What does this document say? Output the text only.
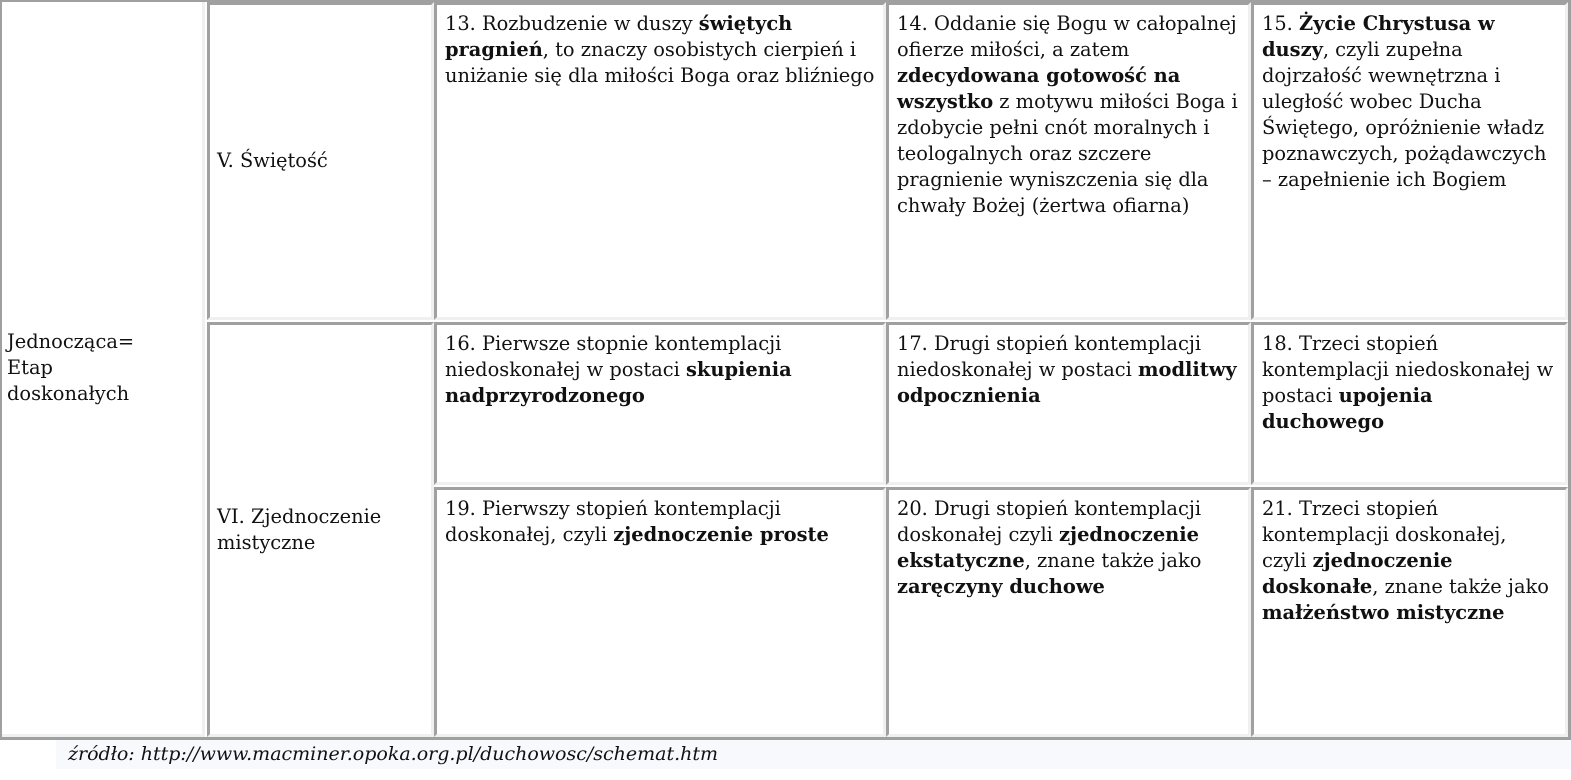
Jednocząca=
Etap
doskonałych
V. Świętość
VI. Zjednoczenie mistyczne
13. Rozbudzenie w duszy świętych pragnień, to znaczy osobistych cierpień i uniżanie się dla miłości Boga oraz bliźniego
14. Oddanie się Bogu w całopalnej ofierze miłości, a zatem zdecydowana gotowość na wszystko z motywu miłości Boga i zdobycie pełni cnót moralnych i teologalnych oraz szczere pragnienie wyniszczenia się dla chwały Bożej (żertwa ofiarna)
15. Życie Chrystusa w duszy, czyli zupełna dojrzałość wewnętrzna i uległość wobec Ducha Świętego, opróżnienie władz poznawczych, pożądawczych – zapełnienie ich Bogiem
16. Pierwsze stopnie kontemplacji niedoskonałej w postaci skupienia nadprzyrodzonego
17. Drugi stopień kontemplacji niedoskonałej w postaci modlitwy odpocznienia
18. Trzeci stopień kontemplacji niedoskonałej w postaci upojenia duchowego
19. Pierwszy stopień kontemplacji doskonałej, czyli zjednoczenie proste
20. Drugi stopień kontemplacji doskonałej czyli zjednoczenie ekstatyczne, znane także jako zaręczyny duchowe
21. Trzeci stopień kontemplacji doskonałej, czyli zjednoczenie doskonałe, znane także jako małżeństwo mistyczne
źródło: http://www.macminer.opoka.org.pl/duchowosc/schemat.htm
